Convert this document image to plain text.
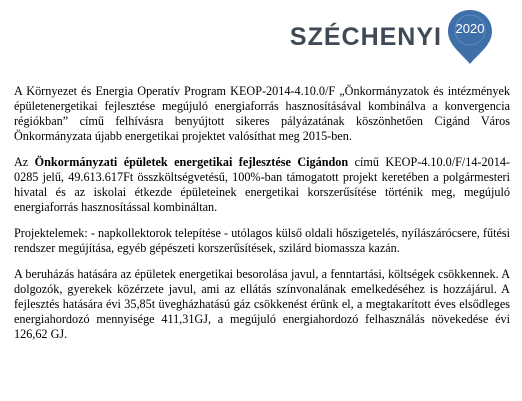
SZÉCHENYI	2020

A Környezet és Energia Operatív Program KEOP-2014-4.10.0/F „Önkormányzatok és intézmények épületenergetikai fejlesztése megújuló energiaforrás hasznosításával kombinálva a konvergencia régiókban” című felhívásra benyújtott sikeres pályázatának köszönhetően Cigánd Város Önkormányzata újabb energetikai projektet valósíthat meg 2015-ben.

Az Önkormányzati épületek energetikai fejlesztése Cigándon című KEOP-4.10.0/F/14-2014-0285 jelű, 49.613.617Ft összköltségvetésű, 100%-ban támogatott projekt keretében a polgármesteri hivatal és az iskolai étkezde épületeinek energetikai korszerűsítése történik meg, megújuló energiaforrás hasznosítással kombináltan.

Projektelemek: - napkollektorok telepítése - utólagos külső oldali hőszigetelés, nyílászárócsere, fűtési rendszer megújítása, egyéb gépészeti korszerűsítések, szilárd biomassza kazán.

A beruházás hatására az épületek energetikai besorolása javul, a fenntartási, költségek csökkennek. A dolgozók, gyerekek közérzete javul, ami az ellátás színvonalának emelkedéséhez is hozzájárul. A fejlesztés hatására évi 35,85t üvegházhatású gáz csökkenést érünk el, a megtakarított éves elsődleges energiahordozó mennyisége 411,31GJ, a megújuló energiahordozó felhasználás növekedése évi 126,62 GJ.
